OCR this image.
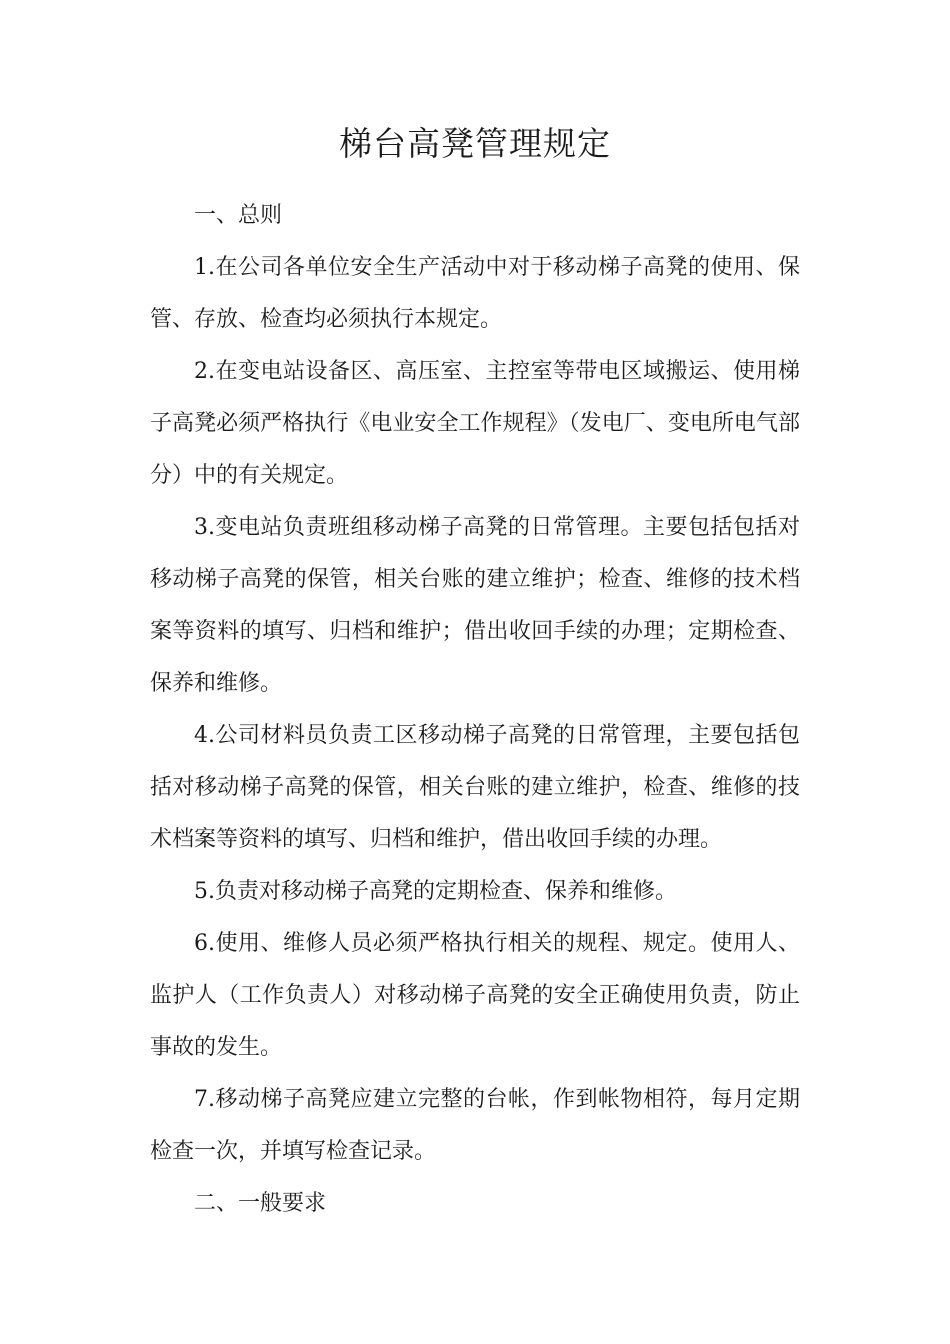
梯台高凳管理规定

一、总则

1.在公司各单位安全生产活动中对于移动梯子高凳的使用、保管、存放、检查均必须执行本规定。

2.在变电站设备区、高压室、主控室等带电区域搬运、使用梯子高凳必须严格执行《电业安全工作规程》（发电厂、变电所电气部分）中的有关规定。

3.变电站负责班组移动梯子高凳的日常管理。主要包括包括对移动梯子高凳的保管，相关台账的建立维护；检查、维修的技术档案等资料的填写、归档和维护；借出收回手续的办理；定期检查、保养和维修。

4.公司材料员负责工区移动梯子高凳的日常管理，主要包括包括对移动梯子高凳的保管，相关台账的建立维护，检查、维修的技术档案等资料的填写、归档和维护，借出收回手续的办理。

5.负责对移动梯子高凳的定期检查、保养和维修。

6.使用、维修人员必须严格执行相关的规程、规定。使用人、监护人（工作负责人）对移动梯子高凳的安全正确使用负责，防止事故的发生。

7.移动梯子高凳应建立完整的台帐，作到帐物相符，每月定期检查一次，并填写检查记录。

二、一般要求
